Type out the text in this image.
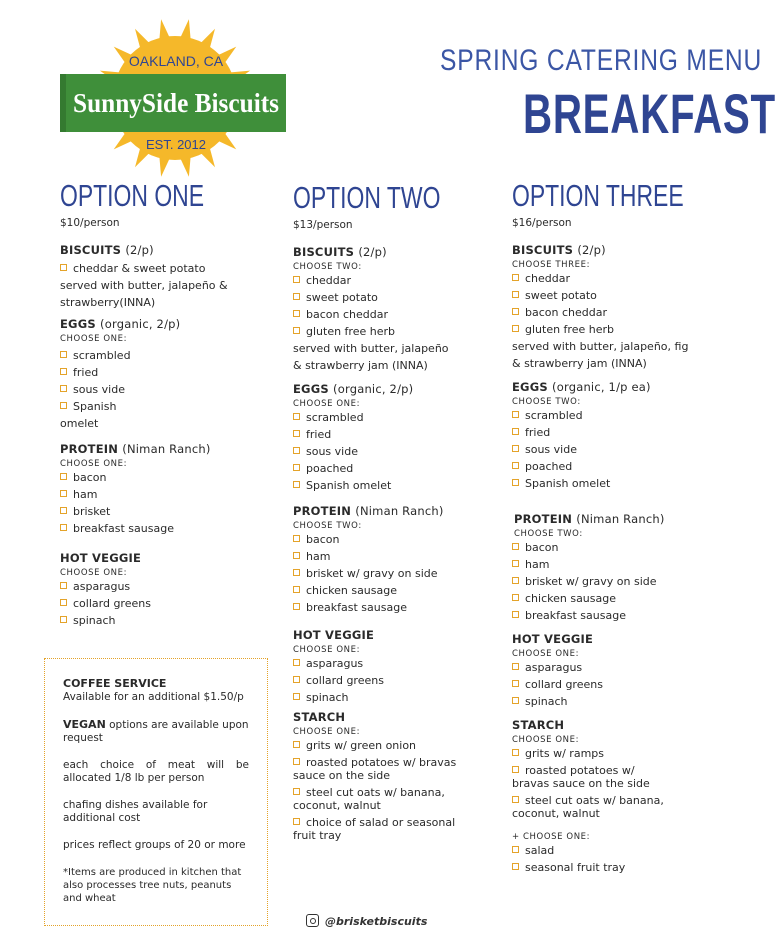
OAKLAND, CA
SunnySide Biscuits
EST. 2012
SPRING CATERING MENU
BREAKFAST
OPTION ONE
$10/person
BISCUITS (2/p)
cheddar & sweet potato
served with butter, jalapeño & strawberry(INNA)
EGGS (organic, 2/p)
CHOOSE ONE:
scrambled
fried
sous vide
Spanish omelet
PROTEIN (Niman Ranch)
CHOOSE ONE:
bacon
ham
brisket
breakfast sausage
HOT VEGGIE
CHOOSE ONE:
asparagus
collard greens
spinach
OPTION TWO
$13/person
BISCUITS (2/p)
CHOOSE TWO:
cheddar
sweet potato
bacon cheddar
gluten free herb
served with butter, jalapeño & strawberry jam (INNA)
EGGS (organic, 2/p)
CHOOSE ONE:
scrambled
fried
sous vide
poached
Spanish omelet
PROTEIN (Niman Ranch)
CHOOSE TWO:
bacon
ham
brisket w/ gravy on side
chicken sausage
breakfast sausage
HOT VEGGIE
CHOOSE ONE:
asparagus
collard greens
spinach
STARCH
CHOOSE ONE:
grits w/ green onion
roasted potatoes w/ bravas sauce on the side
steel cut oats w/ banana, coconut, walnut
choice of salad or seasonal fruit tray
OPTION THREE
$16/person
BISCUITS (2/p)
CHOOSE THREE:
cheddar
sweet potato
bacon cheddar
gluten free herb
served with butter, jalapeño, fig & strawberry jam (INNA)
EGGS (organic, 1/p ea)
CHOOSE TWO:
scrambled
fried
sous vide
poached
Spanish omelet
PROTEIN (Niman Ranch)
CHOOSE TWO:
bacon
ham
brisket w/ gravy on side
chicken sausage
breakfast sausage
HOT VEGGIE
CHOOSE ONE:
asparagus
collard greens
spinach
STARCH
CHOOSE ONE:
grits w/ ramps
roasted potatoes w/ bravas sauce on the side
steel cut oats w/ banana, coconut, walnut
+ CHOOSE ONE:
salad
seasonal fruit tray

COFFEE SERVICE
Available for an additional $1.50/p

VEGAN options are available upon request

each choice of meat will be allocated 1/8 lb per person

chafing dishes available for additional cost

prices reflect groups of 20 or more

*Items are produced in kitchen that also processes tree nuts, peanuts and wheat

@brisketbiscuits
